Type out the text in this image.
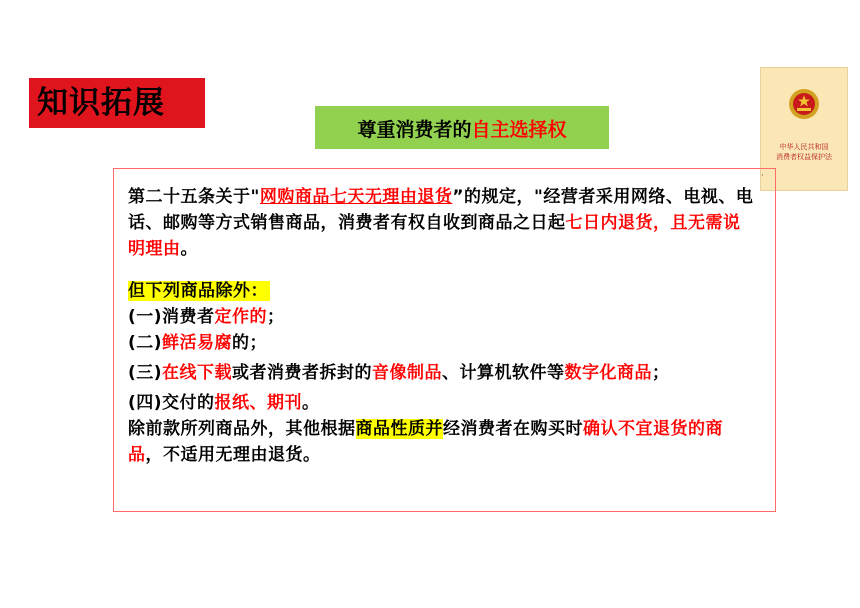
知识拓展
尊重消费者的自主选择权
中华人民共和国
消费者权益保护法
·

第二十五条关于"网购商品七天无理由退货”的规定，"经营者采用网络、电视、电话、邮购等方式销售商品，消费者有权自收到商品之日起七日内退货，且无需说明理由。

但下列商品除外：

(一)消费者定作的；

(二)鲜活易腐的；

(三)在线下载或者消费者拆封的音像制品、计算机软件等数字化商品；

(四)交付的报纸、期刊。

除前款所列商品外，其他根据商品性质并经消费者在购买时确认不宜退货的商品，不适用无理由退货。
